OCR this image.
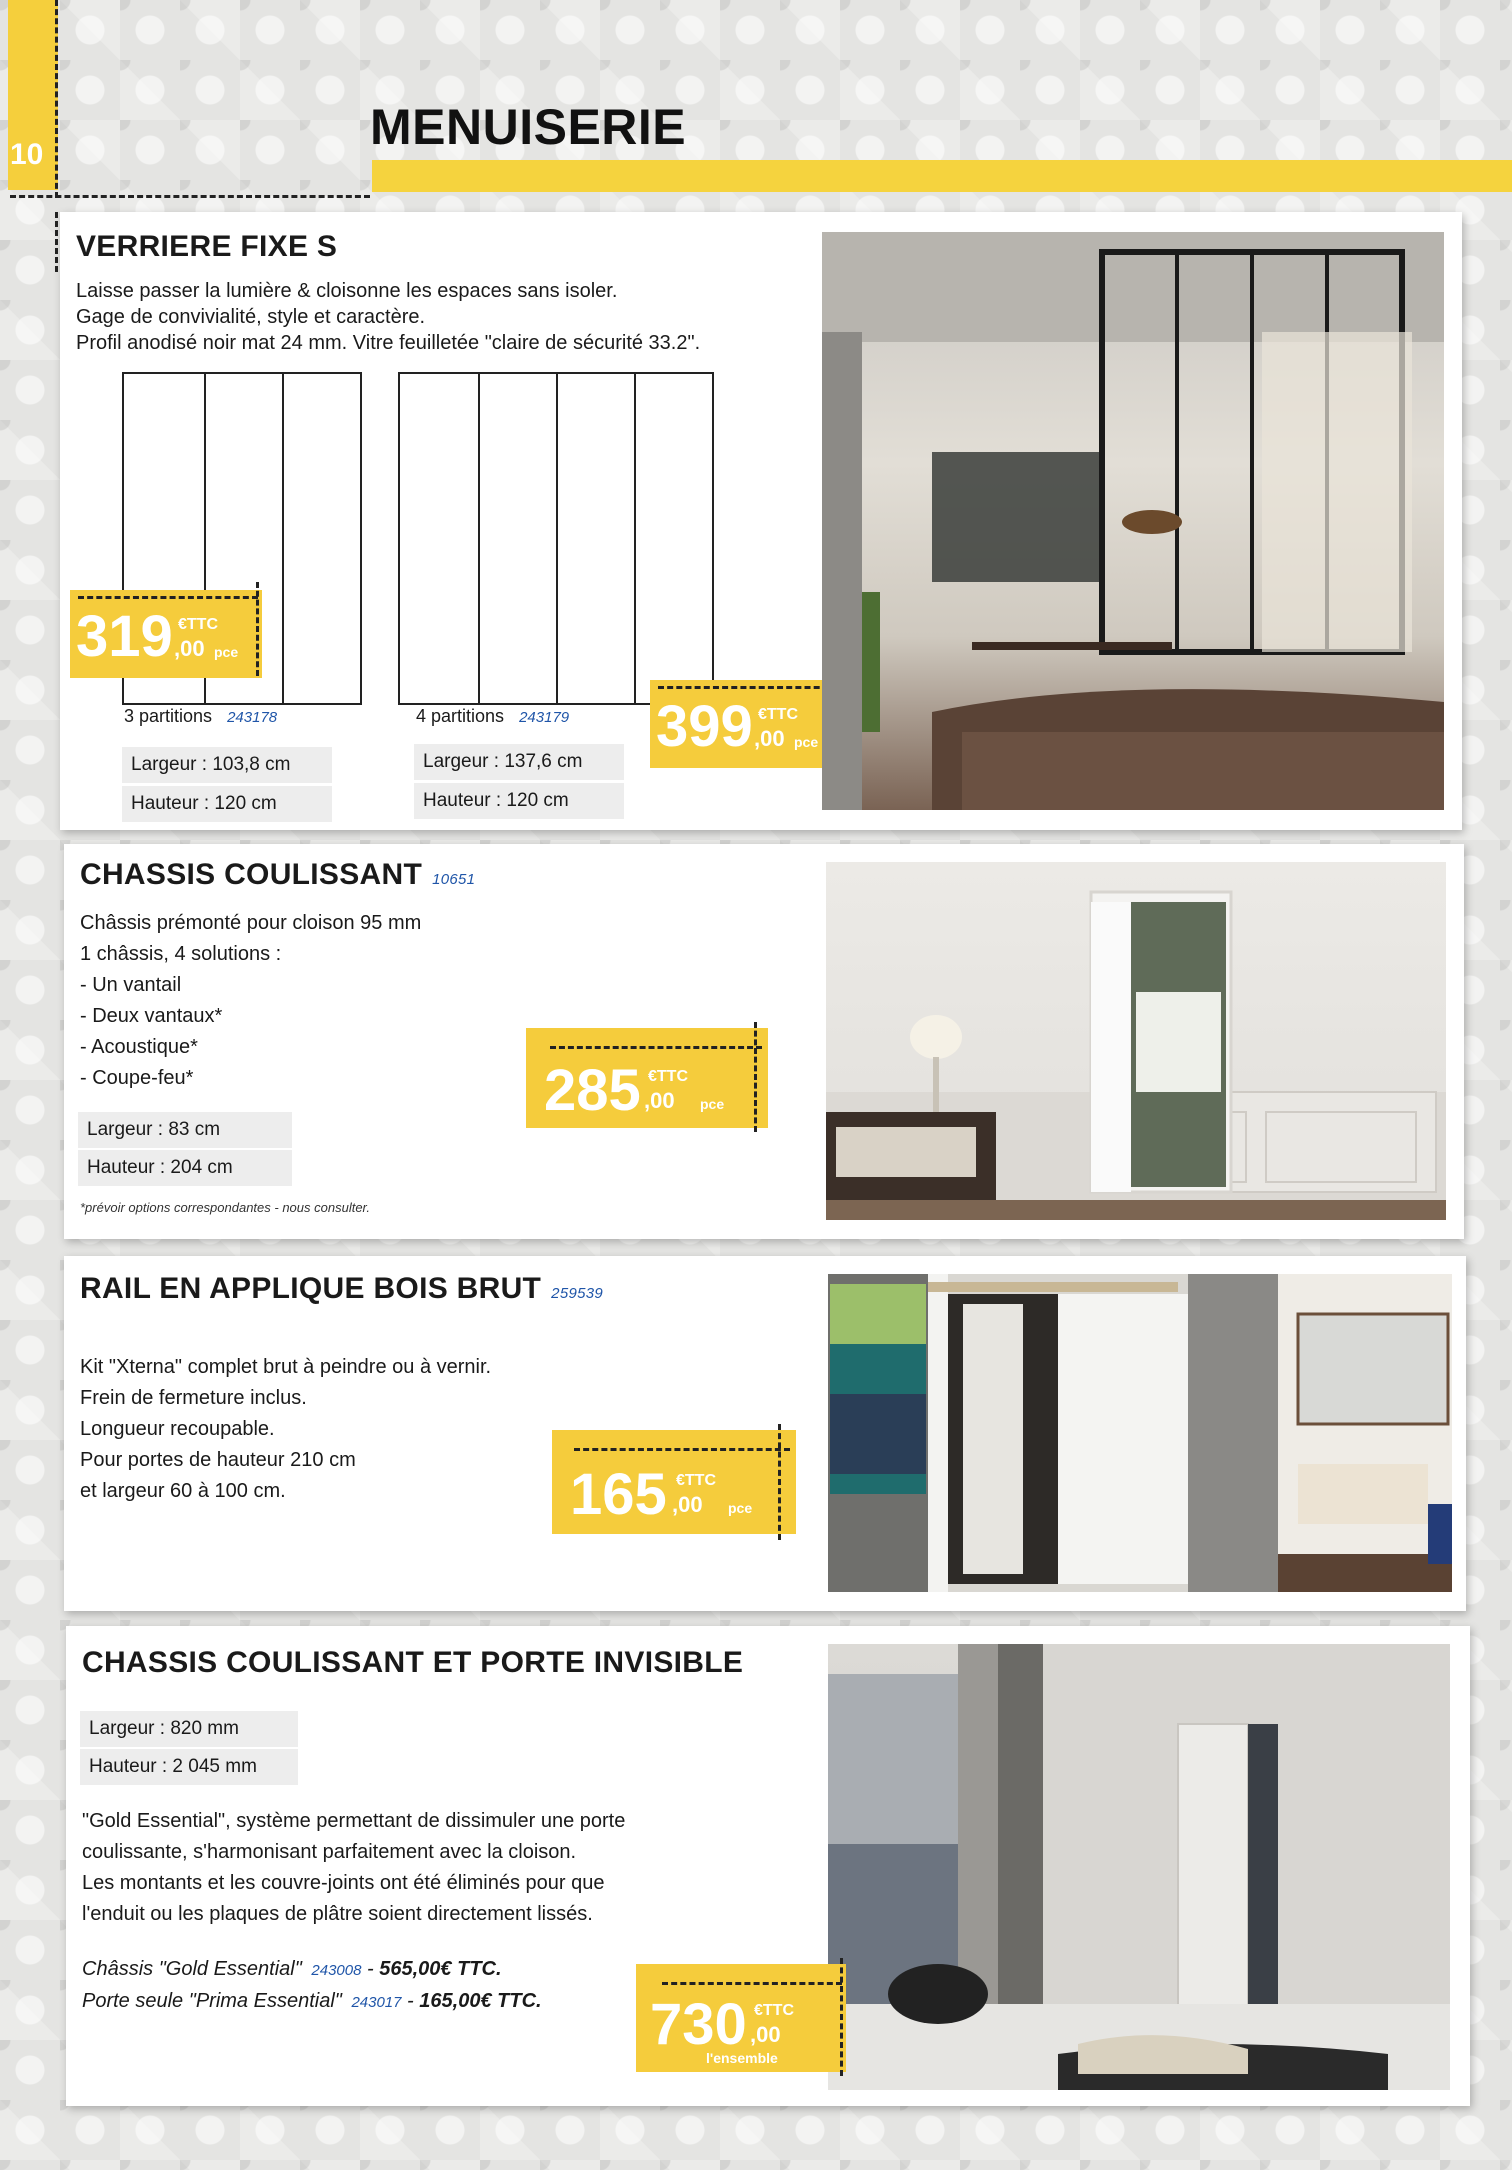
10	MENUISERIE
VERRIERE FIXE S
Laisse passer la lumière & cloisonne les espaces sans isoler.
Gage de convivialité, style et caractère.
Profil anodisé noir mat 24 mm. Vitre feuilletée "claire de sécurité 33.2".
319 €TTC
,00 pce
3 partitions 243178	4 partitions 243179
Largeur : 103,8 cm
Hauteur : 120 cm
Largeur : 137,6 cm
Hauteur : 120 cm
399 €TTC
,00 pce
CHASSIS COULISSANT 10651
Châssis prémonté pour cloison 95 mm
1 châssis, 4 solutions :
- Un vantail
- Deux vantaux*
- Acoustique*
- Coupe-feu*
Largeur : 83 cm
Hauteur : 204 cm
*prévoir options correspondantes - nous consulter.
285 €TTC
,00 pce
RAIL EN APPLIQUE BOIS BRUT 259539
Kit "Xterna" complet brut à peindre ou à vernir.
Frein de fermeture inclus.
Longueur recoupable.
Pour portes de hauteur 210 cm
et largeur 60 à 100 cm.	165 €TTC
,00 pce
CHASSIS COULISSANT ET PORTE INVISIBLE
Largeur : 820 mm
Hauteur : 2 045 mm
"Gold Essential", système permettant de dissimuler une porte
coulissante, s'harmonisant parfaitement avec la cloison.
Les montants et les couvre-joints ont été éliminés pour que
l'enduit ou les plaques de plâtre soient directement lissés.
Châssis "Gold Essential" 243008 - 565,00€ TTC.
Porte seule "Prima Essential" 243017 - 165,00€ TTC. 730 €TTC
,00
l'ensemble
